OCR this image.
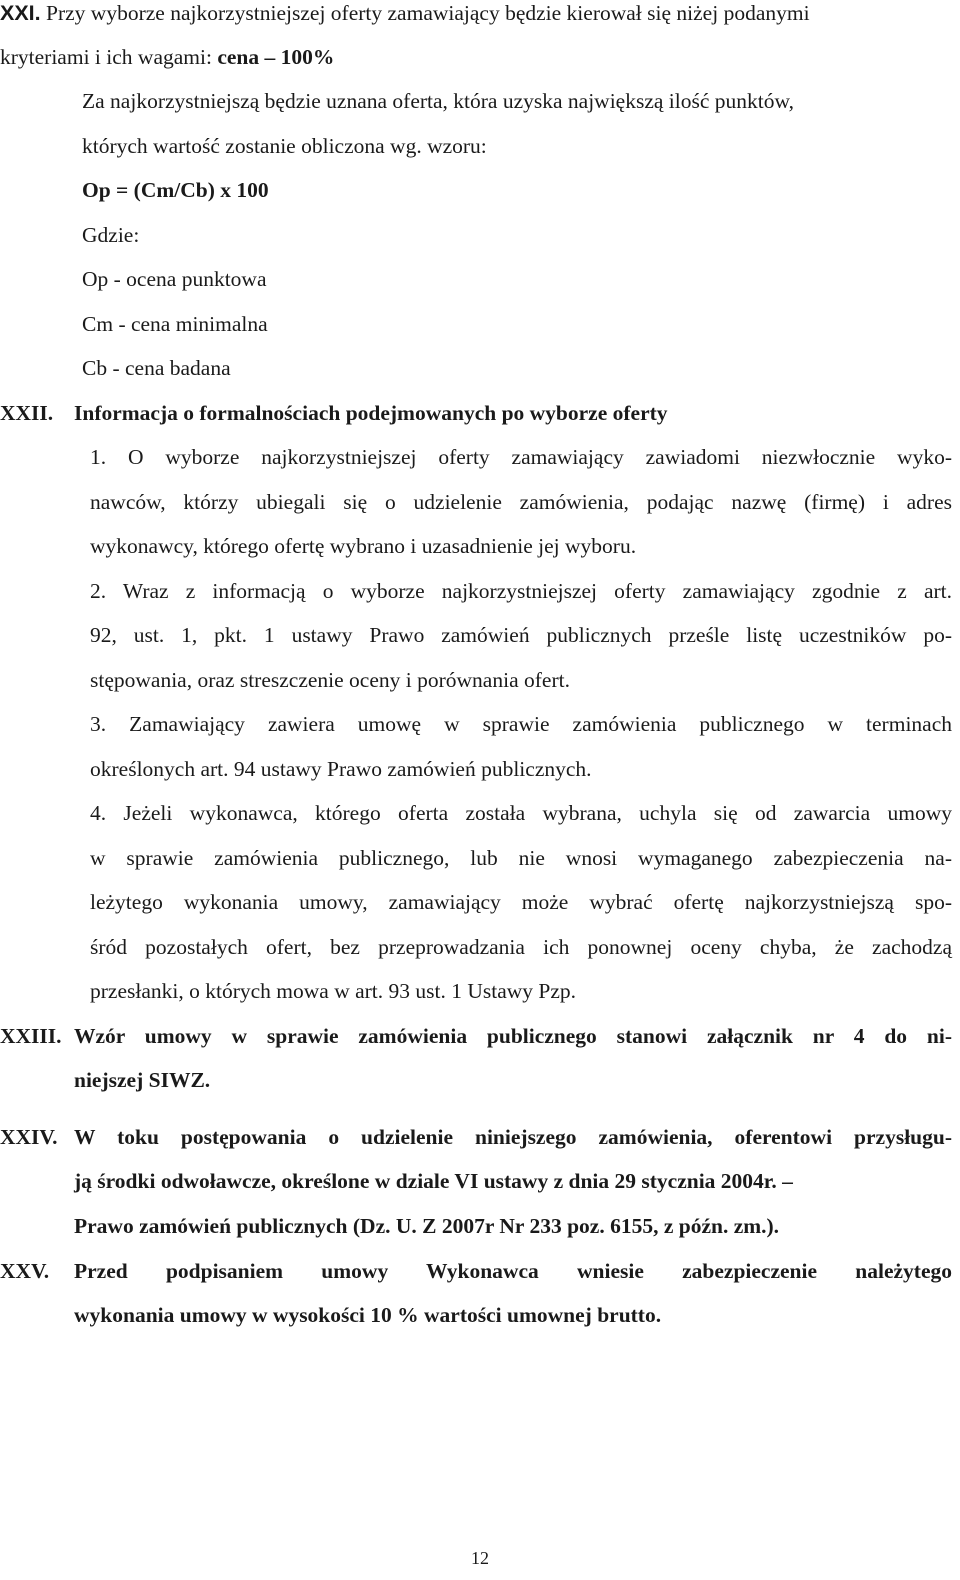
XXI. Przy wyborze najkorzystniejszej oferty zamawiający będzie kierował się niżej podanymi
kryteriami i ich wagami: cena – 100%
Za najkorzystniejszą będzie uznana oferta, która uzyska największą ilość punktów,
których wartość zostanie obliczona wg. wzoru:
Op = (Cm/Cb) x 100
Gdzie:
Op - ocena punktowa
Cm - cena minimalna
Cb - cena badana
XXII. Informacja o formalnościach podejmowanych po wyborze oferty
1. O wyborze najkorzystniejszej oferty zamawiający zawiadomi niezwłocznie wyko-
nawców, którzy ubiegali się o udzielenie zamówienia, podając nazwę (firmę) i adres
wykonawcy, którego ofertę wybrano i uzasadnienie jej wyboru.
2. Wraz z informacją o wyborze najkorzystniejszej oferty zamawiający zgodnie z art.
92, ust. 1, pkt. 1 ustawy Prawo zamówień publicznych prześle listę uczestników po-
stępowania, oraz streszczenie oceny i porównania ofert.
3. Zamawiający zawiera umowę w sprawie zamówienia publicznego w terminach
określonych art. 94 ustawy Prawo zamówień publicznych.
4. Jeżeli wykonawca, którego oferta została wybrana, uchyla się od zawarcia umowy
w sprawie zamówienia publicznego, lub nie wnosi wymaganego zabezpieczenia na-
leżytego wykonania umowy, zamawiający może wybrać ofertę najkorzystniejszą spo-
śród pozostałych ofert, bez przeprowadzania ich ponownej oceny chyba, że zachodzą
przesłanki, o których mowa w art. 93 ust. 1 Ustawy Pzp.
XXIII. Wzór umowy w sprawie zamówienia publicznego stanowi załącznik nr 4 do ni-
niejszej SIWZ.
XXIV. W toku postępowania o udzielenie niniejszego zamówienia, oferentowi przysługu-
ją środki odwoławcze, określone w dziale VI ustawy z dnia 29 stycznia 2004r. –
Prawo zamówień publicznych (Dz. U. Z 2007r Nr 233 poz. 6155, z późn. zm.).
XXV. Przed podpisaniem umowy Wykonawca wniesie zabezpieczenie należytego
wykonania umowy w wysokości 10 % wartości umownej brutto.
12
